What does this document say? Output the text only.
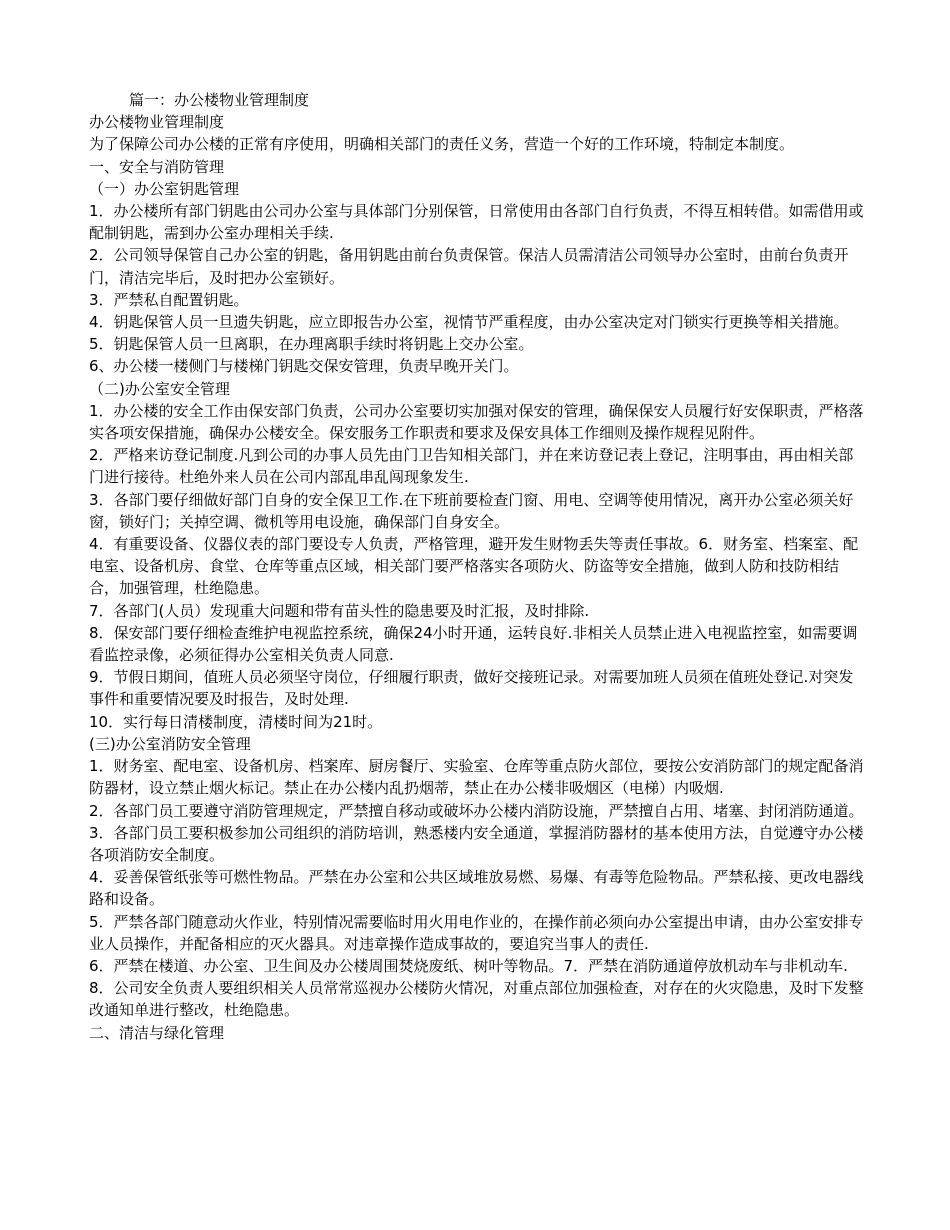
篇一：办公楼物业管理制度

办公楼物业管理制度

为了保障公司办公楼的正常有序使用，明确相关部门的责任义务，营造一个好的工作环境，特制定本制度。

一、安全与消防管理

（一）办公室钥匙管理

1．办公楼所有部门钥匙由公司办公室与具体部门分别保管，日常使用由各部门自行负责，不得互相转借。如需借用或配制钥匙，需到办公室办理相关手续.

2．公司领导保管自己办公室的钥匙，备用钥匙由前台负责保管。保洁人员需清洁公司领导办公室时，由前台负责开门，清洁完毕后，及时把办公室锁好。

3．严禁私自配置钥匙。

4．钥匙保管人员一旦遗失钥匙，应立即报告办公室，视情节严重程度，由办公室决定对门锁实行更换等相关措施。

5．钥匙保管人员一旦离职，在办理离职手续时将钥匙上交办公室。

6、办公楼一楼侧门与楼梯门钥匙交保安管理，负责早晚开关门。

（二)办公室安全管理

1．办公楼的安全工作由保安部门负责，公司办公室要切实加强对保安的管理，确保保安人员履行好安保职责，严格落实各项安保措施，确保办公楼安全。保安服务工作职责和要求及保安具体工作细则及操作规程见附件。

2．严格来访登记制度.凡到公司的办事人员先由门卫告知相关部门，并在来访登记表上登记，注明事由，再由相关部门进行接待。杜绝外来人员在公司内部乱串乱闯现象发生.

3．各部门要仔细做好部门自身的安全保卫工作.在下班前要检查门窗、用电、空调等使用情况，离开办公室必须关好窗，锁好门；关掉空调、微机等用电设施，确保部门自身安全。

4．有重要设备、仪器仪表的部门要设专人负责，严格管理，避开发生财物丢失等责任事故。6．财务室、档案室、配电室、设备机房、食堂、仓库等重点区域，相关部门要严格落实各项防火、防盗等安全措施，做到人防和技防相结合，加强管理，杜绝隐患。

7．各部门(人员）发现重大问题和带有苗头性的隐患要及时汇报，及时排除.

8．保安部门要仔细检查维护电视监控系统，确保24小时开通，运转良好.非相关人员禁止进入电视监控室，如需要调看监控录像，必须征得办公室相关负责人同意.

9．节假日期间，值班人员必须坚守岗位，仔细履行职责，做好交接班记录。对需要加班人员须在值班处登记.对突发事件和重要情况要及时报告，及时处理.

10．实行每日清楼制度，清楼时间为21时。

(三)办公室消防安全管理

1．财务室、配电室、设备机房、档案库、厨房餐厅、实验室、仓库等重点防火部位，要按公安消防部门的规定配备消防器材，设立禁止烟火标记。禁止在办公楼内乱扔烟蒂，禁止在办公楼非吸烟区（电梯）内吸烟.

2．各部门员工要遵守消防管理规定，严禁擅自移动或破坏办公楼内消防设施，严禁擅自占用、堵塞、封闭消防通道。

3．各部门员工要积极参加公司组织的消防培训，熟悉楼内安全通道，掌握消防器材的基本使用方法，自觉遵守办公楼各项消防安全制度。

4．妥善保管纸张等可燃性物品。严禁在办公室和公共区域堆放易燃、易爆、有毒等危险物品。严禁私接、更改电器线路和设备。

5．严禁各部门随意动火作业，特别情况需要临时用火用电作业的，在操作前必须向办公室提出申请，由办公室安排专业人员操作，并配备相应的灭火器具。对违章操作造成事故的，要追究当事人的责任.

6．严禁在楼道、办公室、卫生间及办公楼周围焚烧废纸、树叶等物品。7．严禁在消防通道停放机动车与非机动车.

8．公司安全负责人要组织相关人员常常巡视办公楼防火情况，对重点部位加强检查，对存在的火灾隐患，及时下发整改通知单进行整改，杜绝隐患。

二、清洁与绿化管理
